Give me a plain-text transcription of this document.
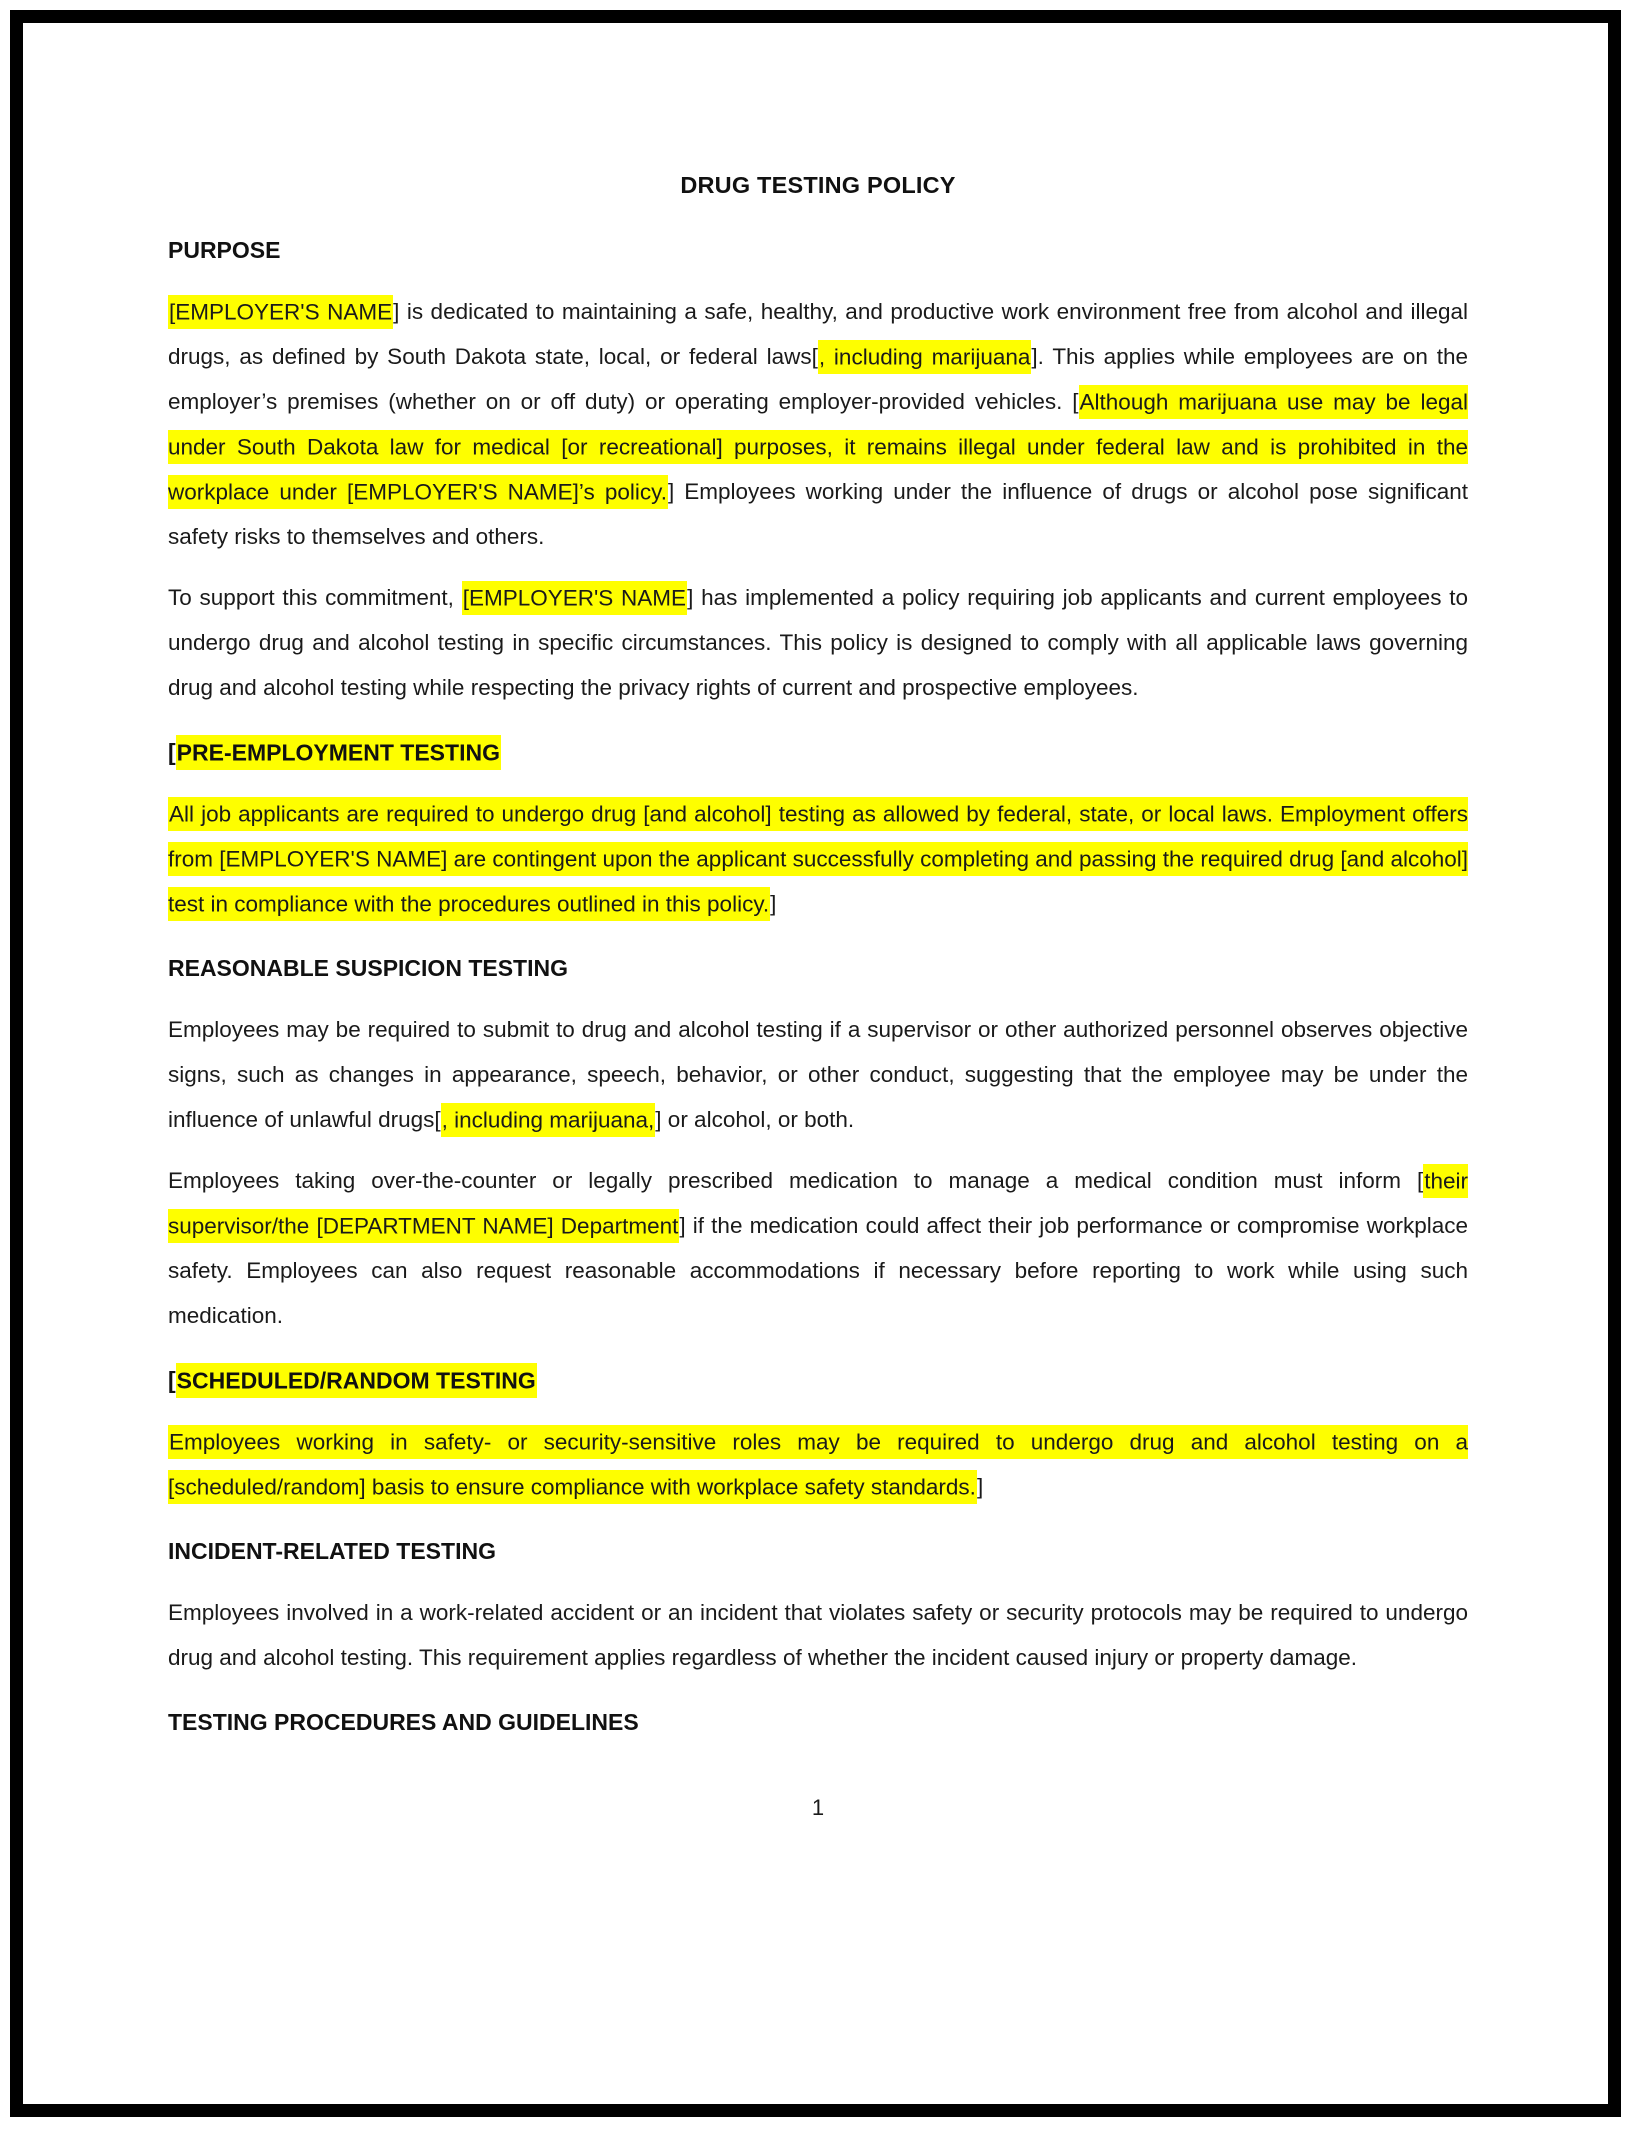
DRUG TESTING POLICY
PURPOSE

[EMPLOYER'S NAME] is dedicated to maintaining a safe, healthy, and productive work environment free from alcohol and illegal drugs, as defined by South Dakota state, local, or federal laws[, including marijuana]. This applies while employees are on the employer’s premises (whether on or off duty) or operating employer-provided vehicles. [Although marijuana use may be legal under South Dakota law for medical [or recreational] purposes, it remains illegal under federal law and is prohibited in the workplace under [EMPLOYER'S NAME]’s policy.] Employees working under the influence of drugs or alcohol pose significant safety risks to themselves and others.

To support this commitment, [EMPLOYER'S NAME] has implemented a policy requiring job applicants and current employees to undergo drug and alcohol testing in specific circumstances. This policy is designed to comply with all applicable laws governing drug and alcohol testing while respecting the privacy rights of current and prospective employees.

[PRE-EMPLOYMENT TESTING

All job applicants are required to undergo drug [and alcohol] testing as allowed by federal, state, or local laws. Employment offers from [EMPLOYER'S NAME] are contingent upon the applicant successfully completing and passing the required drug [and alcohol] test in compliance with the procedures outlined in this policy.]

REASONABLE SUSPICION TESTING

Employees may be required to submit to drug and alcohol testing if a supervisor or other authorized personnel observes objective signs, such as changes in appearance, speech, behavior, or other conduct, suggesting that the employee may be under the influence of unlawful drugs[, including marijuana,] or alcohol, or both.

Employees taking over-the-counter or legally prescribed medication to manage a medical condition must inform [their supervisor/the [DEPARTMENT NAME] Department] if the medication could affect their job performance or compromise workplace safety. Employees can also request reasonable accommodations if necessary before reporting to work while using such medication.

[SCHEDULED/RANDOM TESTING

Employees working in safety- or security-sensitive roles may be required to undergo drug and alcohol testing on a [scheduled/random] basis to ensure compliance with workplace safety standards.]

INCIDENT-RELATED TESTING

Employees involved in a work-related accident or an incident that violates safety or security protocols may be required to undergo drug and alcohol testing. This requirement applies regardless of whether the incident caused injury or property damage.

TESTING PROCEDURES AND GUIDELINES
1
